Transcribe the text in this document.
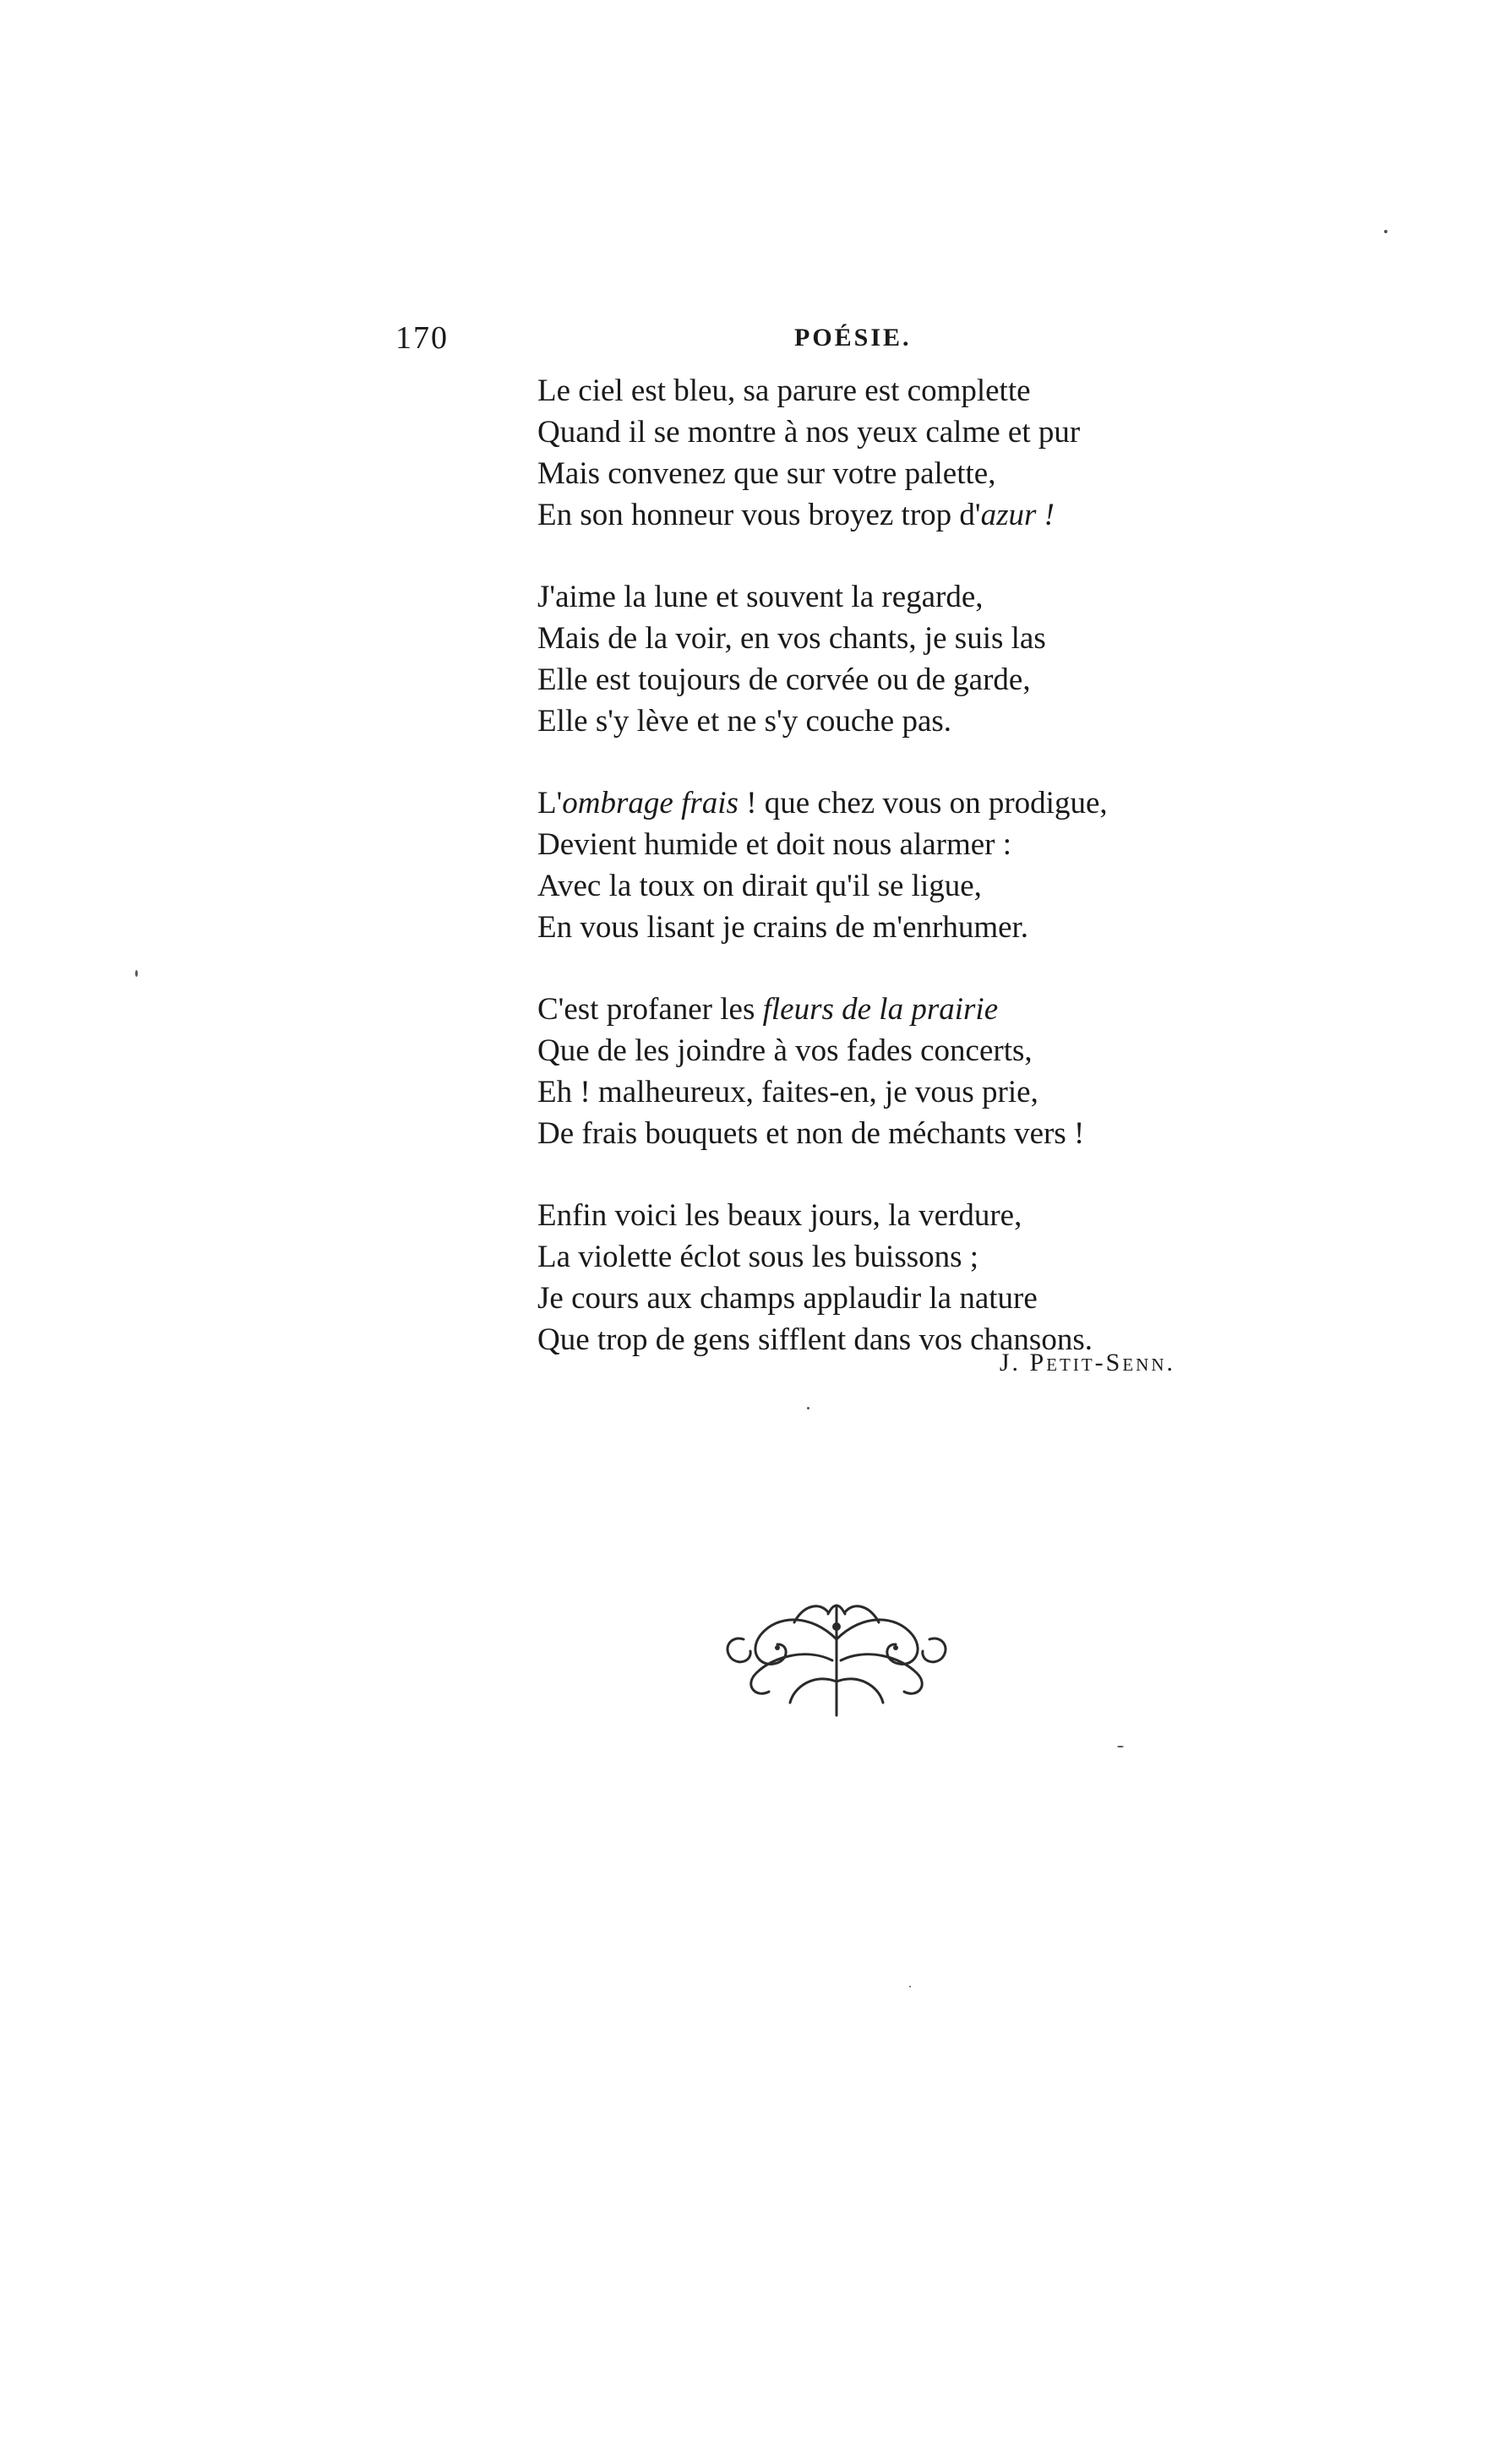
170	POÉSIE.
Le ciel est bleu, sa parure est complette
Quand il se montre à nos yeux calme et pur
Mais convenez que sur votre palette,
En son honneur vous broyez trop d'azur !
J'aime la lune et souvent la regarde,
Mais de la voir, en vos chants, je suis las
Elle est toujours de corvée ou de garde,
Elle s'y lève et ne s'y couche pas.
L'ombrage frais ! que chez vous on prodigue,
Devient humide et doit nous alarmer :
Avec la toux on dirait qu'il se ligue,
En vous lisant je crains de m'enrhumer.
C'est profaner les fleurs de la prairie
Que de les joindre à vos fades concerts,
Eh ! malheureux, faites-en, je vous prie,
De frais bouquets et non de méchants vers !
Enfin voici les beaux jours, la verdure,
La violette éclot sous les buissons ;
Je cours aux champs applaudir la nature
Que trop de gens sifflent dans vos chansons.
J. Petit-Senn.
